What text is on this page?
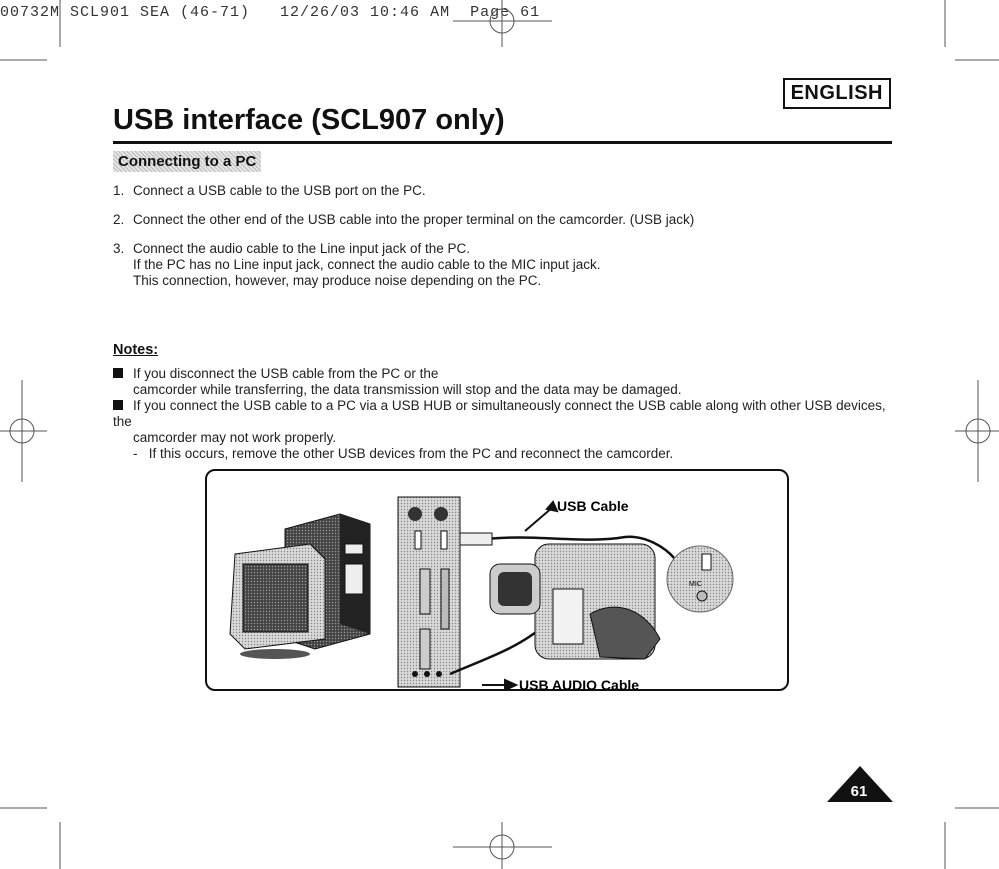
00732M SCL901 SEA (46-71)   12/26/03 10:46 AM  Page 61
ENGLISH
USB interface (SCL907 only)
Connecting to a PC
1. Connect a USB cable to the USB port on the PC.
2. Connect the other end of the USB cable into the proper terminal on the camcorder. (USB jack)
3. Connect the audio cable to the Line input jack of the PC.
If the PC has no Line input jack, connect the audio cable to the MIC input jack.
This connection, however, may produce noise depending on the PC.
Notes:
If you disconnect the USB cable from the PC or the
camcorder while transferring, the data transmission will stop and the data may be damaged.
If you connect the USB cable to a PC via a USB HUB or simultaneously connect the USB cable along with other USB devices, the
camcorder may not work properly.
-   If this occurs, remove the other USB devices from the PC and reconnect the camcorder.
MIC
USB Cable
USB AUDIO Cable
61
